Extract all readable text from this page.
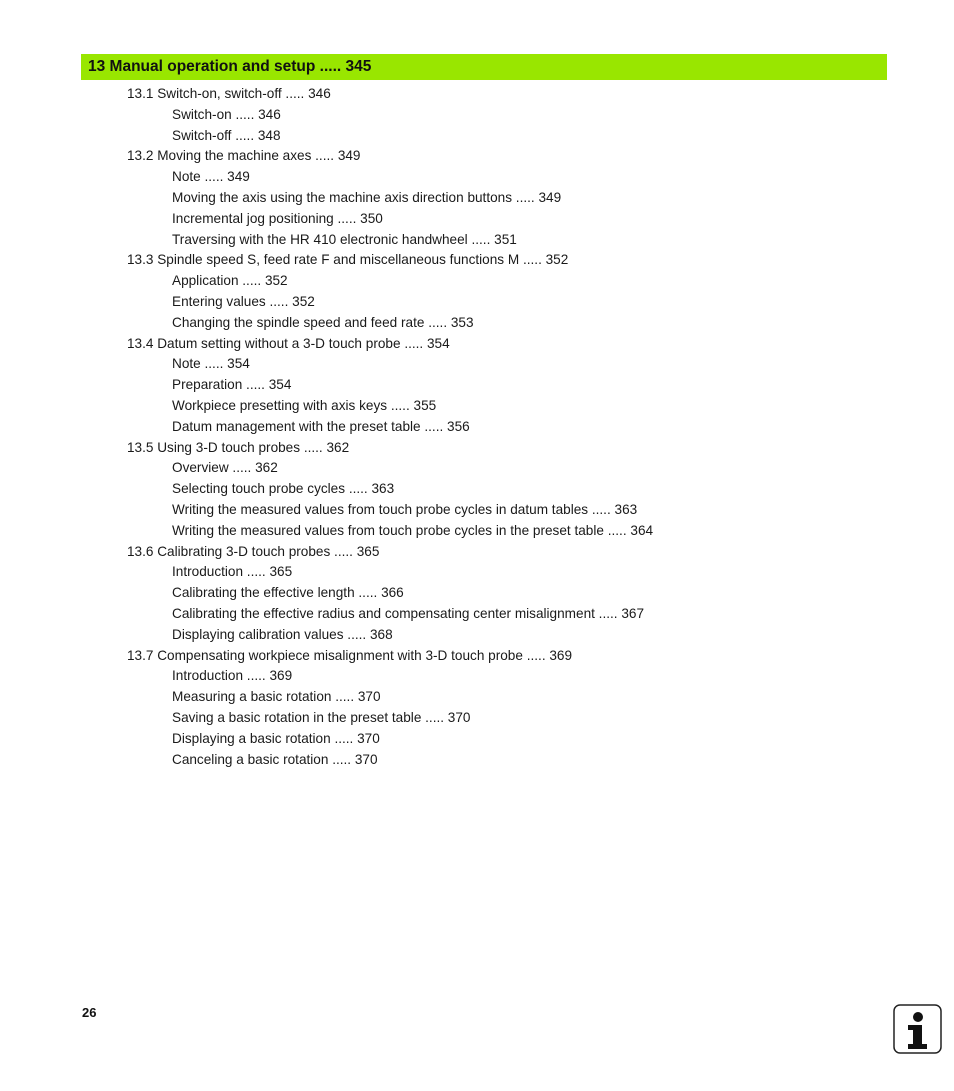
13 Manual operation and setup ..... 345
13.1 Switch-on, switch-off ..... 346
Switch-on ..... 346
Switch-off ..... 348
13.2 Moving the machine axes ..... 349
Note ..... 349
Moving the axis using the machine axis direction buttons ..... 349
Incremental jog positioning ..... 350
Traversing with the HR 410 electronic handwheel ..... 351
13.3 Spindle speed S, feed rate F and miscellaneous functions M ..... 352
Application ..... 352
Entering values ..... 352
Changing the spindle speed and feed rate ..... 353
13.4 Datum setting without a 3-D touch probe ..... 354
Note ..... 354
Preparation ..... 354
Workpiece presetting with axis keys ..... 355
Datum management with the preset table ..... 356
13.5 Using 3-D touch probes ..... 362
Overview ..... 362
Selecting touch probe cycles ..... 363
Writing the measured values from touch probe cycles in datum tables ..... 363
Writing the measured values from touch probe cycles in the preset table ..... 364
13.6 Calibrating 3-D touch probes ..... 365
Introduction ..... 365
Calibrating the effective length ..... 366
Calibrating the effective radius and compensating center misalignment ..... 367
Displaying calibration values ..... 368
13.7 Compensating workpiece misalignment with 3-D touch probe ..... 369
Introduction ..... 369
Measuring a basic rotation ..... 370
Saving a basic rotation in the preset table ..... 370
Displaying a basic rotation ..... 370
Canceling a basic rotation ..... 370
26
